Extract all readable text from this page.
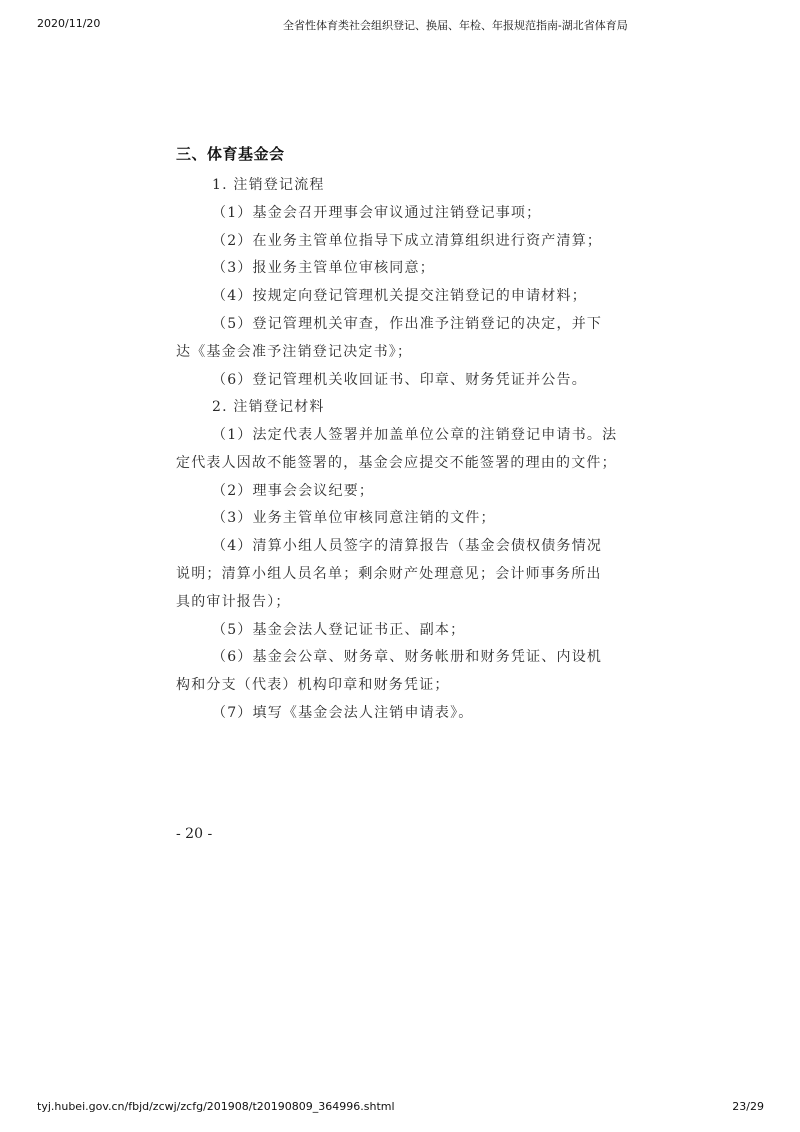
2020/11/20	全省性体育类社会组织登记、换届、年检、年报规范指南-湖北省体育局
三、体育基金会
1. 注销登记流程
（1）基金会召开理事会审议通过注销登记事项；
（2）在业务主管单位指导下成立清算组织进行资产清算；
（3）报业务主管单位审核同意；
（4）按规定向登记管理机关提交注销登记的申请材料；
（5）登记管理机关审查，作出准予注销登记的决定，并下
达《基金会准予注销登记决定书》；
（6）登记管理机关收回证书、印章、财务凭证并公告。
2. 注销登记材料
（1）法定代表人签署并加盖单位公章的注销登记申请书。法
定代表人因故不能签署的，基金会应提交不能签署的理由的文件；
（2）理事会会议纪要；
（3）业务主管单位审核同意注销的文件；
（4）清算小组人员签字的清算报告（基金会债权债务情况
说明；清算小组人员名单；剩余财产处理意见；会计师事务所出
具的审计报告）；
（5）基金会法人登记证书正、副本；
（6）基金会公章、财务章、财务帐册和财务凭证、内设机
构和分支（代表）机构印章和财务凭证；
（7）填写《基金会法人注销申请表》。
- 20 -
tyj.hubei.gov.cn/fbjd/zcwj/zcfg/201908/t20190809_364996.shtml	23/29
